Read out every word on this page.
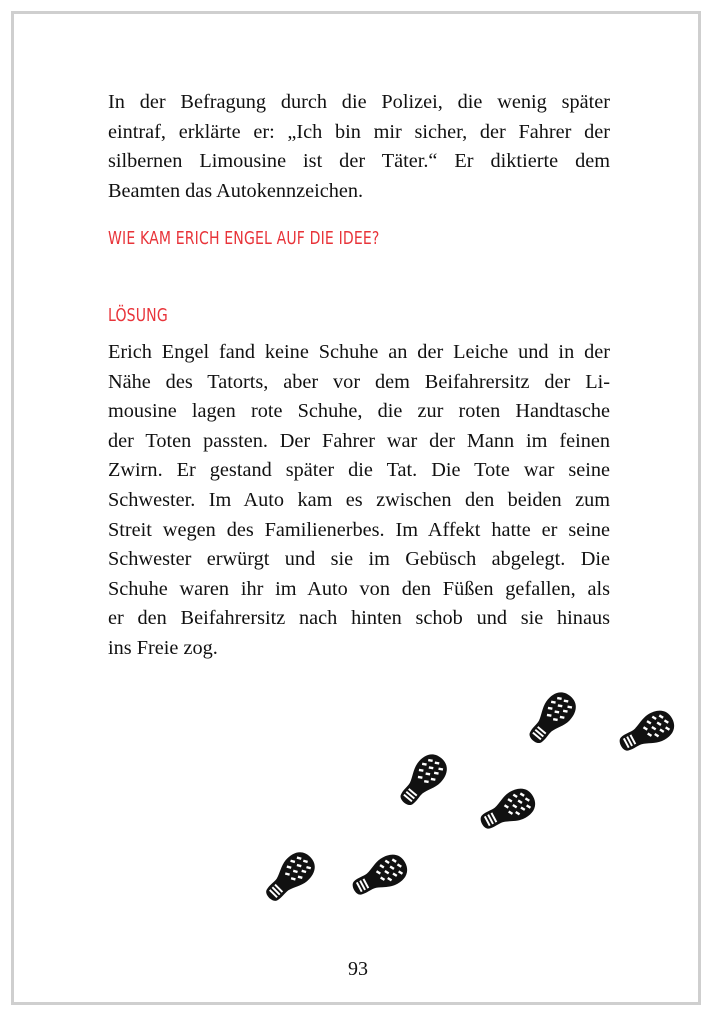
In der Befragung durch die Polizei, die wenig später
eintraf, erklärte er: „Ich bin mir sicher, der Fahrer der
silbernen Limousine ist der Täter.“ Er diktierte dem
Beamten das Autokennzeichen.
WIE KAM ERICH ENGEL AUF DIE IDEE?
LÖSUNG
Erich Engel fand keine Schuhe an der Leiche und in der
Nähe des Tatorts, aber vor dem Beifahrersitz der Li-
mousine lagen rote Schuhe, die zur roten Handtasche
der Toten passten. Der Fahrer war der Mann im feinen
Zwirn. Er gestand später die Tat. Die Tote war seine
Schwester. Im Auto kam es zwischen den beiden zum
Streit wegen des Familienerbes. Im Affekt hatte er seine
Schwester erwürgt und sie im Gebüsch abgelegt. Die
Schuhe waren ihr im Auto von den Füßen gefallen, als
er den Beifahrersitz nach hinten schob und sie hinaus
ins Freie zog.
93
